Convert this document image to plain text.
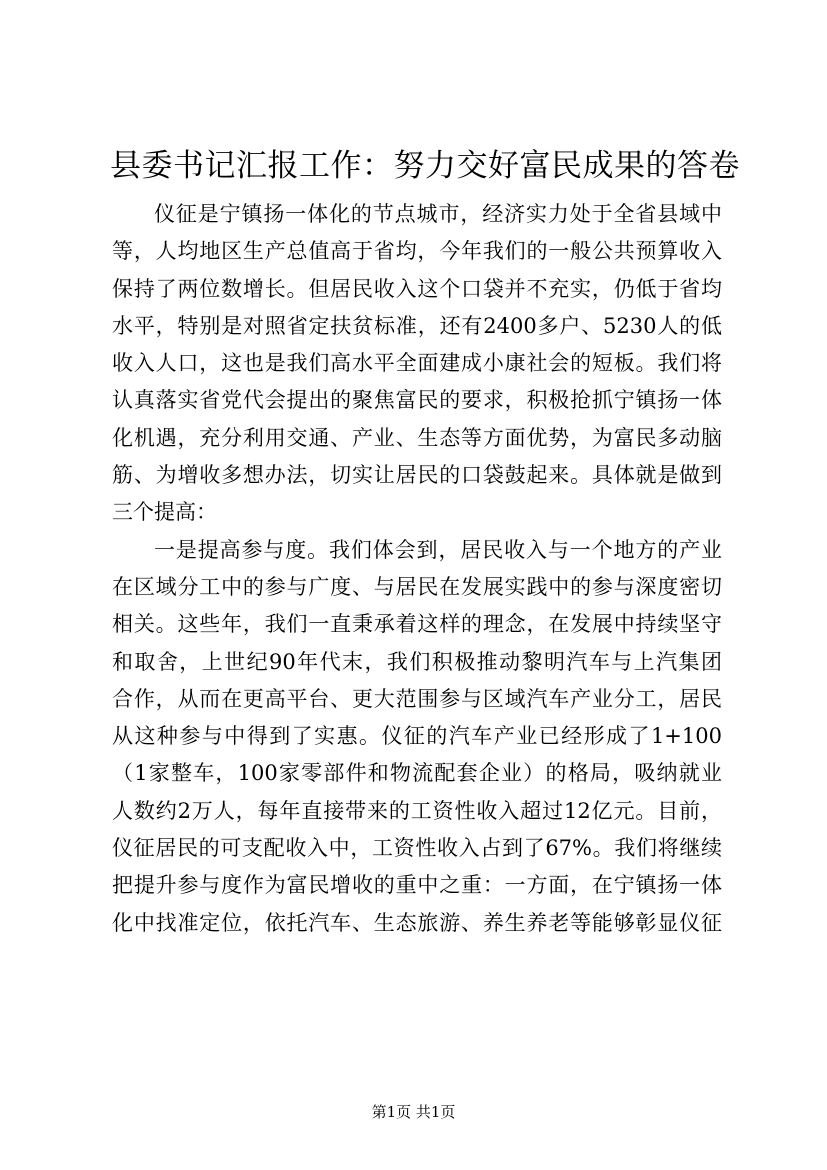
县委书记汇报工作：努力交好富民成果的答卷
仪征是宁镇扬一体化的节点城市，经济实力处于全省县域中
等，人均地区生产总值高于省均，今年我们的一般公共预算收入
保持了两位数增长。但居民收入这个口袋并不充实，仍低于省均
水平，特别是对照省定扶贫标准，还有2400多户、5230人的低
收入人口，这也是我们高水平全面建成小康社会的短板。我们将
认真落实省党代会提出的聚焦富民的要求，积极抢抓宁镇扬一体
化机遇，充分利用交通、产业、生态等方面优势，为富民多动脑
筋、为增收多想办法，切实让居民的口袋鼓起来。具体就是做到
三个提高：
一是提高参与度。我们体会到，居民收入与一个地方的产业
在区域分工中的参与广度、与居民在发展实践中的参与深度密切
相关。这些年，我们一直秉承着这样的理念，在发展中持续坚守
和取舍，上世纪90年代末，我们积极推动黎明汽车与上汽集团
合作，从而在更高平台、更大范围参与区域汽车产业分工，居民
从这种参与中得到了实惠。仪征的汽车产业已经形成了1+100
（1家整车，100家零部件和物流配套企业）的格局，吸纳就业
人数约2万人，每年直接带来的工资性收入超过12亿元。目前，
仪征居民的可支配收入中，工资性收入占到了67%。我们将继续
把提升参与度作为富民增收的重中之重：一方面，在宁镇扬一体
化中找准定位，依托汽车、生态旅游、养生养老等能够彰显仪征
第1页 共1页
